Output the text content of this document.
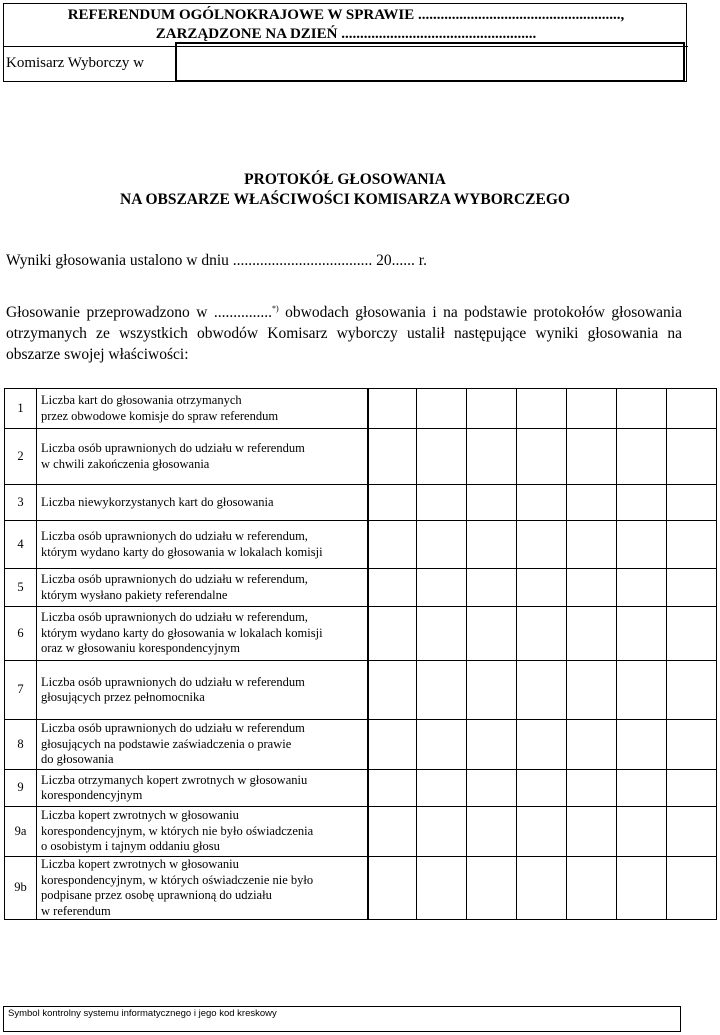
REFERENDUM OGÓLNOKRAJOWE W SPRAWIE ......................................................,
ZARZĄDZONE NA DZIEŃ ....................................................
Komisarz Wyborczy w
PROTOKÓŁ GŁOSOWANIA
NA OBSZARZE WŁAŚCIWOŚCI KOMISARZA WYBORCZEGO
Wyniki głosowania ustalono w dniu .................................... 20...... r.
Głosowanie przeprowadzono w ...............*) obwodach głosowania i na podstawie protokołów głosowania otrzymanych ze wszystkich obwodów Komisarz wyborczy ustalił następujące wyniki głosowania na obszarze swojej właściwości:
1	Liczba kart do głosowania otrzymanych
przez obwodowe komisje do spraw referendum							

2	Liczba osób uprawnionych do udziału w referendum
w chwili zakończenia głosowania							

3	Liczba niewykorzystanych kart do głosowania							

4	Liczba osób uprawnionych do udziału w referendum,
którym wydano karty do głosowania w lokalach komisji							

5	Liczba osób uprawnionych do udziału w referendum,
którym wysłano pakiety referendalne							

6	Liczba osób uprawnionych do udziału w referendum,
którym wydano karty do głosowania w lokalach komisji
oraz w głosowaniu korespondencyjnym							

7	Liczba osób uprawnionych do udziału w referendum
głosujących przez pełnomocnika							

8	Liczba osób uprawnionych do udziału w referendum
głosujących na podstawie zaświadczenia o prawie
do głosowania							

9	Liczba otrzymanych kopert zwrotnych w głosowaniu
korespondencyjnym							

9a	Liczba kopert zwrotnych w głosowaniu
korespondencyjnym, w których nie było oświadczenia
o osobistym i tajnym oddaniu głosu							

9b	Liczba kopert zwrotnych w głosowaniu
korespondencyjnym, w których oświadczenie nie było
podpisane przez osobę uprawnioną do udziału
w referendum							

Symbol kontrolny systemu informatycznego i jego kod kreskowy
